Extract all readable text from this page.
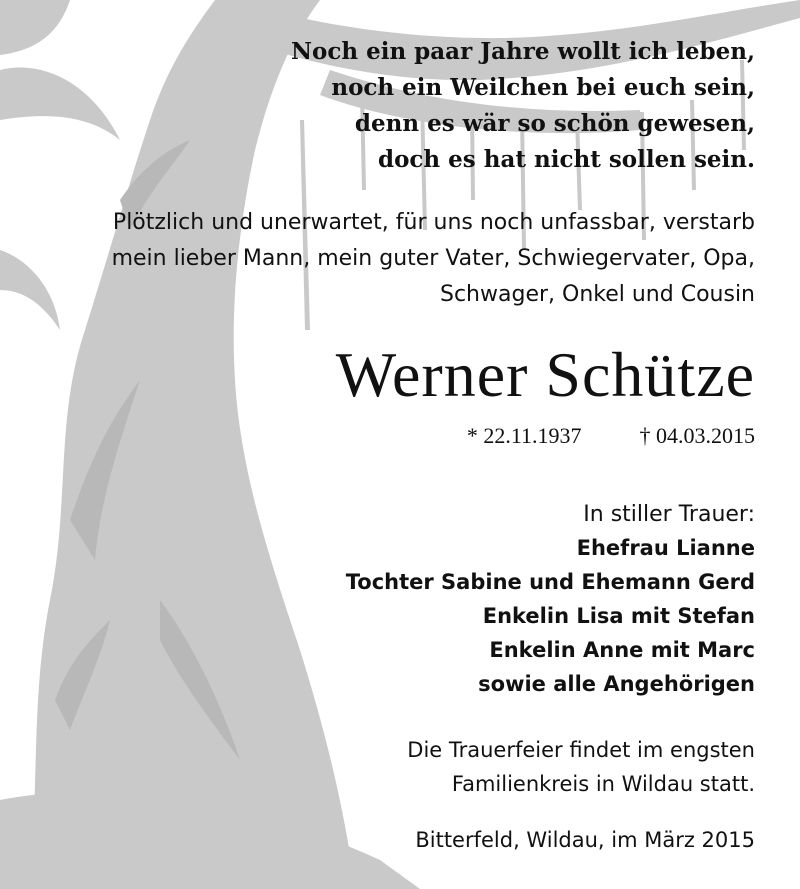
Noch ein paar Jahre wollt ich leben,
noch ein Weilchen bei euch sein,
denn es wär so schön gewesen,
doch es hat nicht sollen sein.
Plötzlich und unerwartet, für uns noch unfassbar, verstarb
mein lieber Mann, mein guter Vater, Schwiegervater, Opa,
Schwager, Onkel und Cousin
Werner Schütze
* 22.11.1937	† 04.03.2015
In stiller Trauer:
Ehefrau Lianne
Tochter Sabine und Ehemann Gerd
Enkelin Lisa mit Stefan
Enkelin Anne mit Marc
sowie alle Angehörigen
Die Trauerfeier findet im engsten
Familienkreis in Wildau statt.
Bitterfeld, Wildau, im März 2015
